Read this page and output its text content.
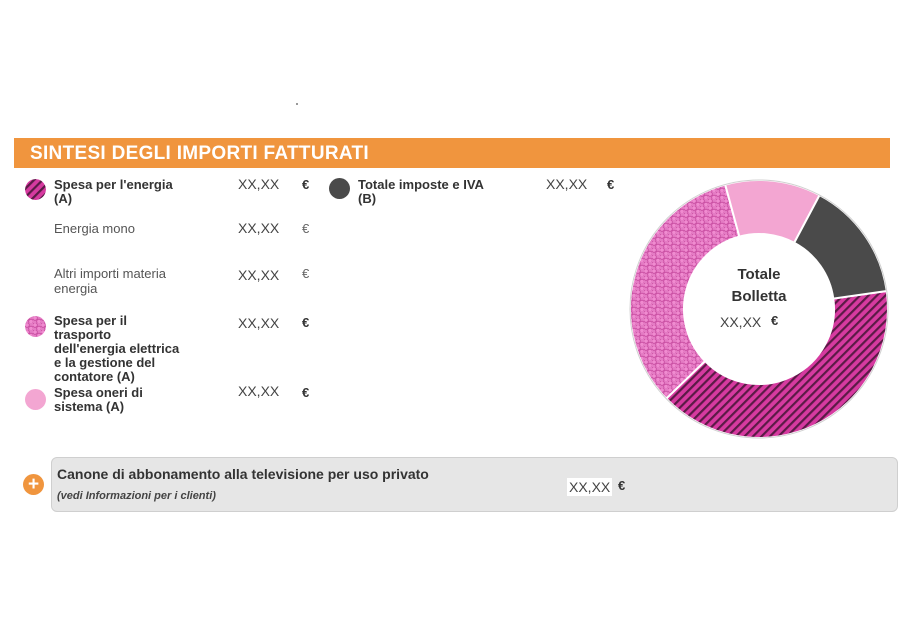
SINTESI DEGLI IMPORTI FATTURATI
Spesa per l'energia
(A)
XX,XX €
Energia mono	XX,XX €
Altri importi materia
energia
XX,XX €
Spesa per il
trasporto
dell'energia elettrica
e la gestione del
contatore (A)
XX,XX €
Spesa oneri di
sistema (A)
XX,XX €
Totale imposte e IVA
(B)
XX,XX €
Totale
Bolletta
XX,XX €
+	Canone di abbonamento alla televisione per uso privato
(vedi Informazioni per i clienti)
XX,XX €
